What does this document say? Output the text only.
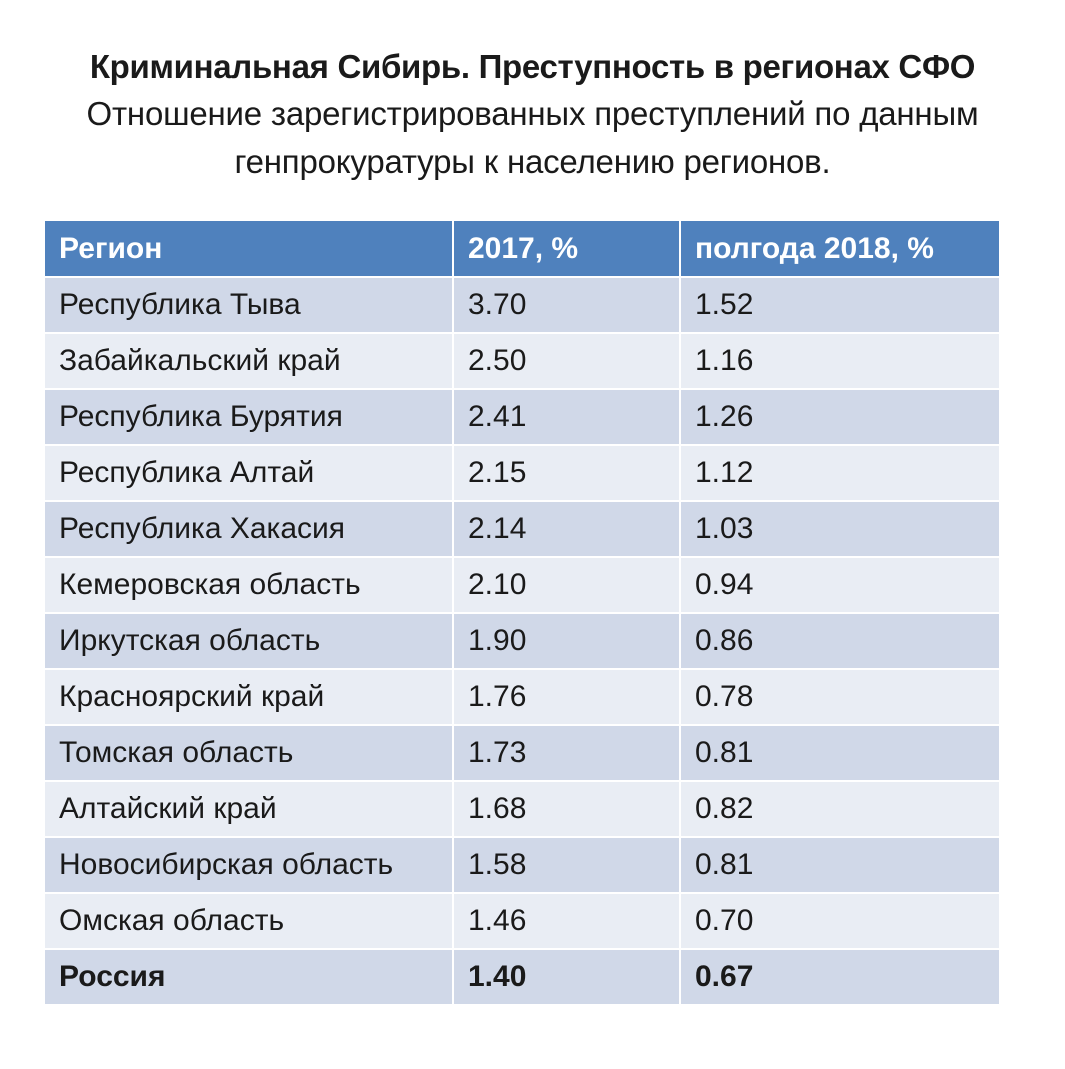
Криминальная Сибирь. Преступность в регионах СФО
Отношение зарегистрированных преступлений по данным
генпрокуратуры к населению регионов.
Регион	2017, %	полгода 2018, %
Республика Тыва	3.70	1.52
Забайкальский край	2.50	1.16
Республика Бурятия	2.41	1.26
Республика Алтай	2.15	1.12
Республика Хакасия	2.14	1.03
Кемеровская область	2.10	0.94
Иркутская область	1.90	0.86
Красноярский край	1.76	0.78
Томская область	1.73	0.81
Алтайский край	1.68	0.82
Новосибирская область	1.58	0.81
Омская область	1.46	0.70
Россия	1.40	0.67
